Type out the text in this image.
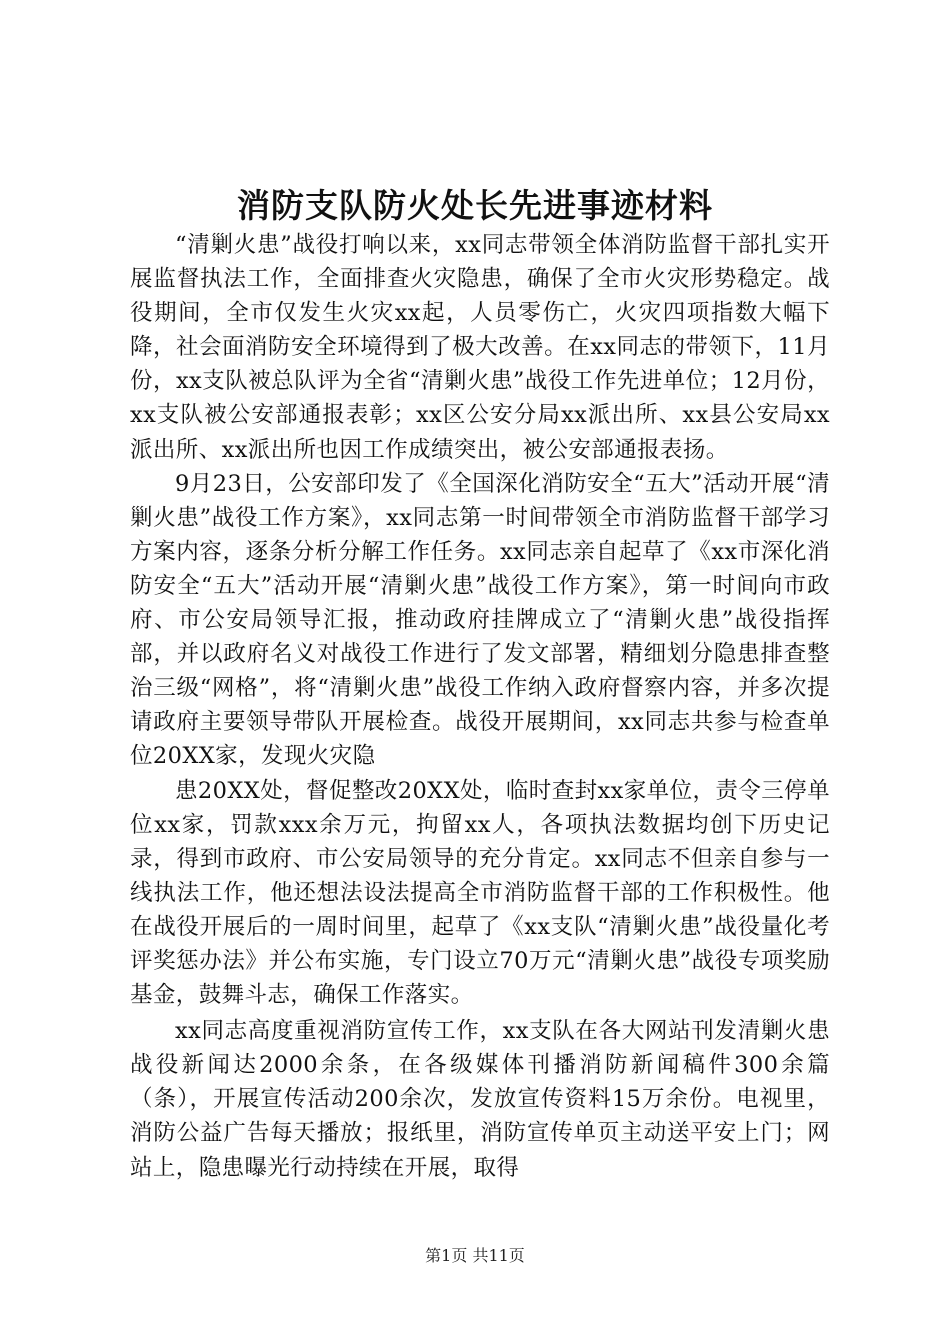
消防支队防火处长先进事迹材料

“清剿火患”战役打响以来，xx同志带领全体消防监督干部扎实开展监督执法工作，全面排查火灾隐患，确保了全市火灾形势稳定。战役期间，全市仅发生火灾xx起，人员零伤亡，火灾四项指数大幅下降，社会面消防安全环境得到了极大改善。在xx同志的带领下，11月份，xx支队被总队评为全省“清剿火患”战役工作先进单位；12月份，xx支队被公安部通报表彰；xx区公安分局xx派出所、xx县公安局xx派出所、xx派出所也因工作成绩突出，被公安部通报表扬。

9月23日，公安部印发了《全国深化消防安全“五大”活动开展“清剿火患”战役工作方案》，xx同志第一时间带领全市消防监督干部学习方案内容，逐条分析分解工作任务。xx同志亲自起草了《xx市深化消防安全“五大”活动开展“清剿火患”战役工作方案》，第一时间向市政府、市公安局领导汇报，推动政府挂牌成立了“清剿火患”战役指挥部，并以政府名义对战役工作进行了发文部署，精细划分隐患排查整治三级“网格”，将“清剿火患”战役工作纳入政府督察内容，并多次提请政府主要领导带队开展检查。战役开展期间，xx同志共参与检查单位20XX家，发现火灾隐

患20XX处，督促整改20XX处，临时查封xx家单位，责令三停单位xx家，罚款xxx余万元，拘留xx人，各项执法数据均创下历史记录，得到市政府、市公安局领导的充分肯定。xx同志不但亲自参与一线执法工作，他还想法设法提高全市消防监督干部的工作积极性。他在战役开展后的一周时间里，起草了《xx支队“清剿火患”战役量化考评奖惩办法》并公布实施，专门设立70万元“清剿火患”战役专项奖励基金，鼓舞斗志，确保工作落实。

xx同志高度重视消防宣传工作，xx支队在各大网站刊发清剿火患战役新闻达2000余条，在各级媒体刊播消防新闻稿件300余篇（条），开展宣传活动200余次，发放宣传资料15万余份。电视里，消防公益广告每天播放；报纸里，消防宣传单页主动送平安上门；网站上，隐患曝光行动持续在开展，取得

第1页 共11页
